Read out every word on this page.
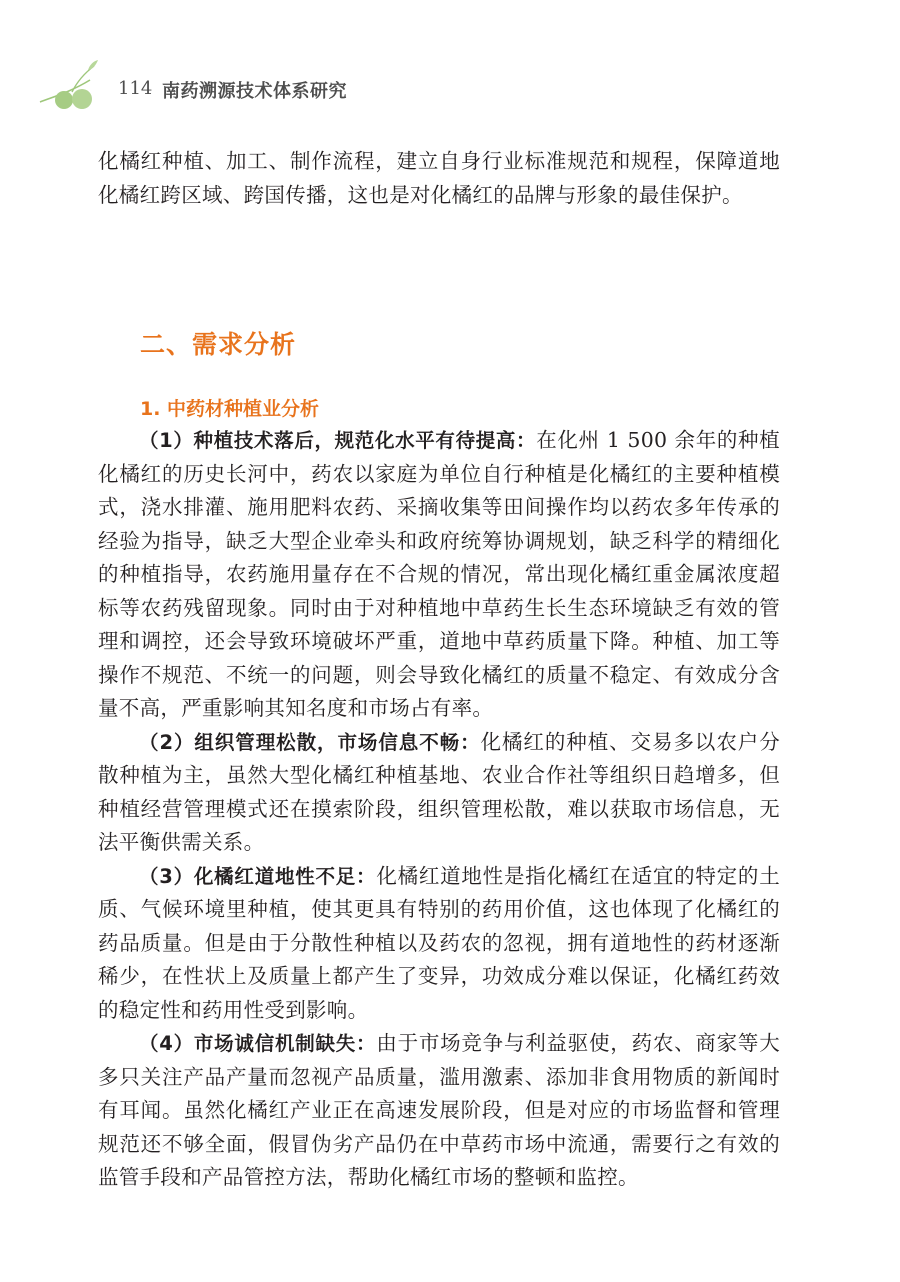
114 南药溯源技术体系研究

化橘红种植、加工、制作流程，建立自身行业标准规范和规程，保障道地化橘红跨区域、跨国传播，这也是对化橘红的品牌与形象的最佳保护。

二、需求分析
1. 中药材种植业分析

（1）种植技术落后，规范化水平有待提高：在化州 1 500 余年的种植化橘红的历史长河中，药农以家庭为单位自行种植是化橘红的主要种植模式，浇水排灌、施用肥料农药、采摘收集等田间操作均以药农多年传承的经验为指导，缺乏大型企业牵头和政府统筹协调规划，缺乏科学的精细化的种植指导，农药施用量存在不合规的情况，常出现化橘红重金属浓度超标等农药残留现象。同时由于对种植地中草药生长生态环境缺乏有效的管理和调控，还会导致环境破坏严重，道地中草药质量下降。种植、加工等操作不规范、不统一的问题，则会导致化橘红的质量不稳定、有效成分含量不高，严重影响其知名度和市场占有率。

（2）组织管理松散，市场信息不畅：化橘红的种植、交易多以农户分散种植为主，虽然大型化橘红种植基地、农业合作社等组织日趋增多，但种植经营管理模式还在摸索阶段，组织管理松散，难以获取市场信息，无法平衡供需关系。

（3）化橘红道地性不足：化橘红道地性是指化橘红在适宜的特定的土质、气候环境里种植，使其更具有特别的药用价值，这也体现了化橘红的药品质量。但是由于分散性种植以及药农的忽视，拥有道地性的药材逐渐稀少，在性状上及质量上都产生了变异，功效成分难以保证，化橘红药效的稳定性和药用性受到影响。

（4）市场诚信机制缺失：由于市场竞争与利益驱使，药农、商家等大多只关注产品产量而忽视产品质量，滥用激素、添加非食用物质的新闻时有耳闻。虽然化橘红产业正在高速发展阶段，但是对应的市场监督和管理规范还不够全面，假冒伪劣产品仍在中草药市场中流通，需要行之有效的监管手段和产品管控方法，帮助化橘红市场的整顿和监控。
